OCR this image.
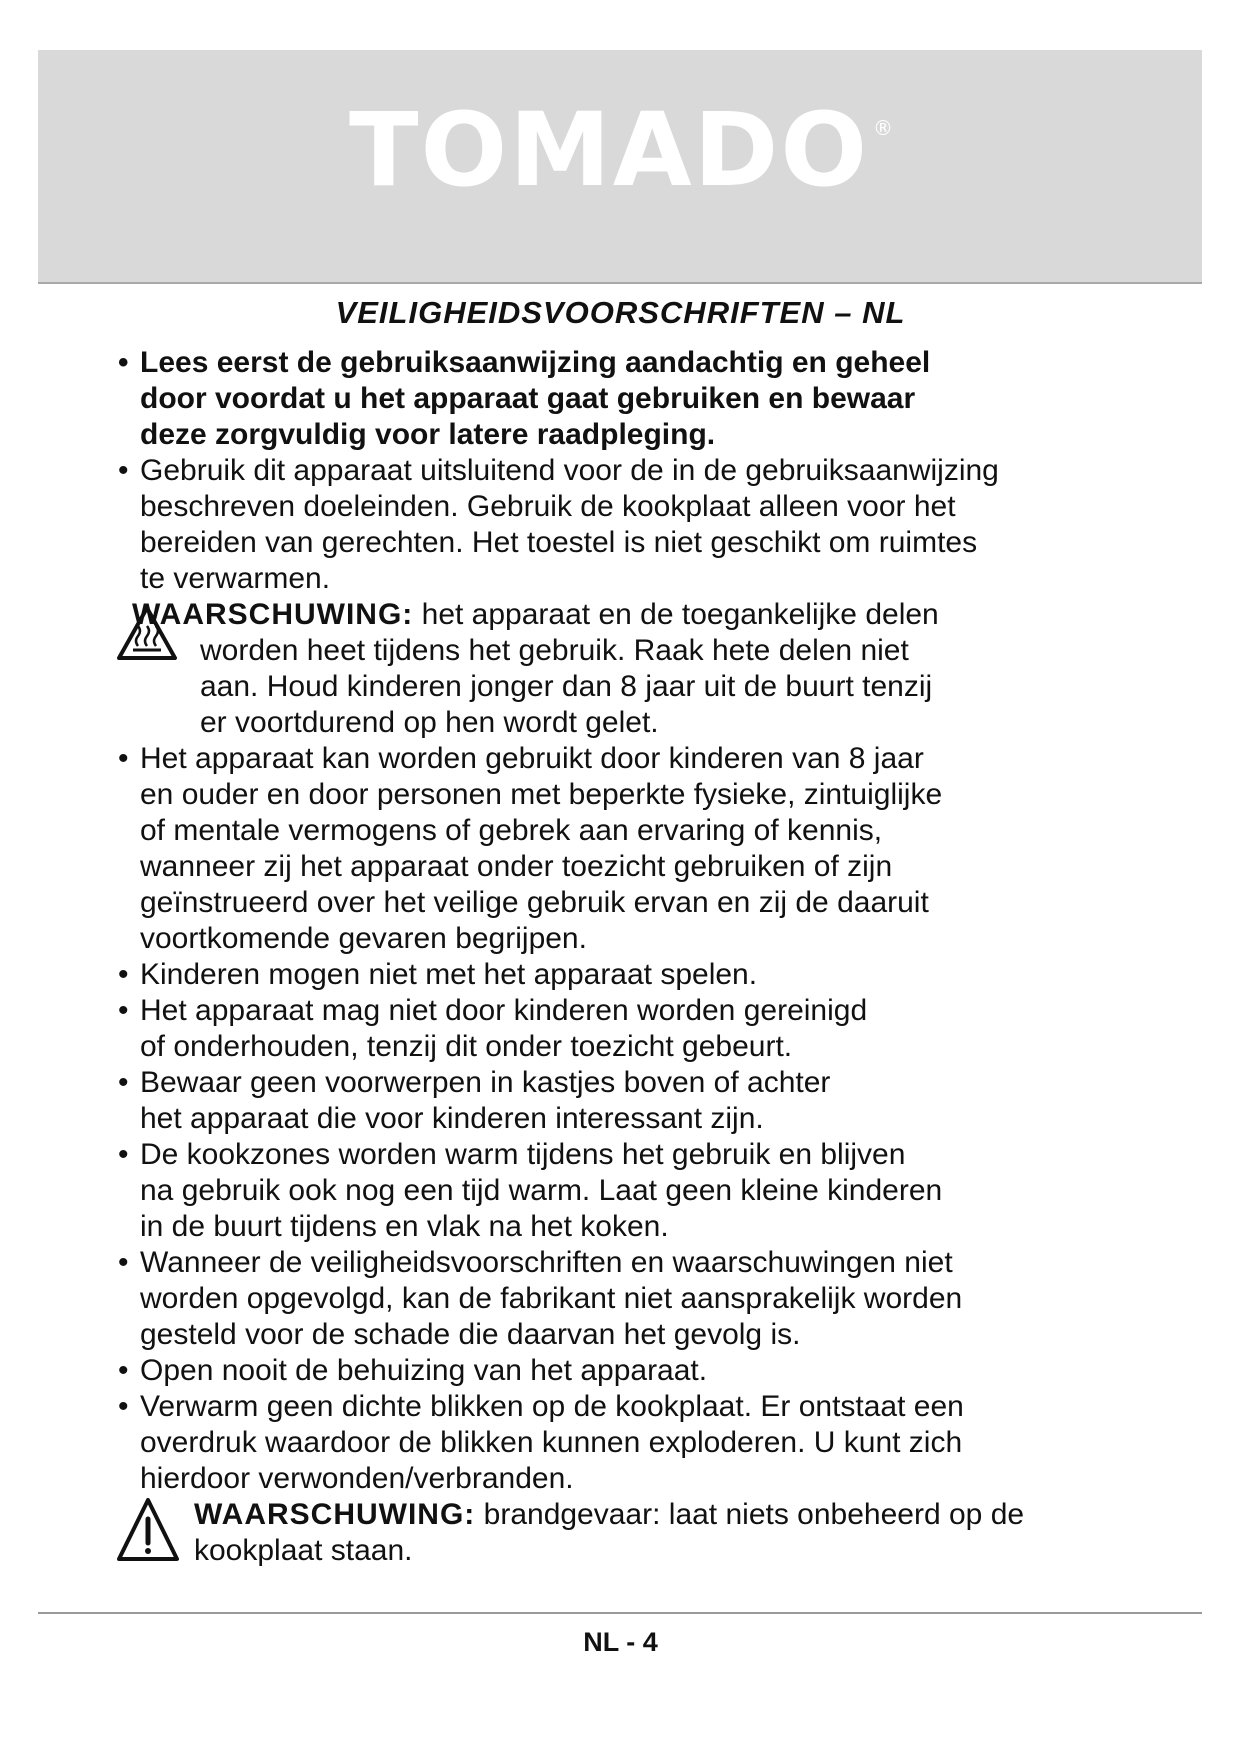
TOMADO ®
VEILIGHEIDSVOORSCHRIFTEN – NL
• Lees eerst de gebruiksaanwijzing aandachtig en geheel
door voordat u het apparaat gaat gebruiken en bewaar
deze zorgvuldig voor latere raadpleging.
• Gebruik dit apparaat uitsluitend voor de in de gebruiksaanwijzing
beschreven doeleinden. Gebruik de kookplaat alleen voor het
bereiden van gerechten. Het toestel is niet geschikt om ruimtes
te verwarmen.
WAARSCHUWING: het apparaat en de toegankelijke delen
worden heet tijdens het gebruik. Raak hete delen niet
aan. Houd kinderen jonger dan 8 jaar uit de buurt tenzij
er voortdurend op hen wordt gelet.
• Het apparaat kan worden gebruikt door kinderen van 8 jaar
en ouder en door personen met beperkte fysieke, zintuiglijke
of mentale vermogens of gebrek aan ervaring of kennis,
wanneer zij het apparaat onder toezicht gebruiken of zijn
geïnstrueerd over het veilige gebruik ervan en zij de daaruit
voortkomende gevaren begrijpen.
• Kinderen mogen niet met het apparaat spelen.
• Het apparaat mag niet door kinderen worden gereinigd
of onderhouden, tenzij dit onder toezicht gebeurt.
• Bewaar geen voorwerpen in kastjes boven of achter
het apparaat die voor kinderen interessant zijn.
• De kookzones worden warm tijdens het gebruik en blijven
na gebruik ook nog een tijd warm. Laat geen kleine kinderen
in de buurt tijdens en vlak na het koken.
• Wanneer de veiligheidsvoorschriften en waarschuwingen niet
worden opgevolgd, kan de fabrikant niet aansprakelijk worden
gesteld voor de schade die daarvan het gevolg is.
• Open nooit de behuizing van het apparaat.
• Verwarm geen dichte blikken op de kookplaat. Er ontstaat een
overdruk waardoor de blikken kunnen exploderen. U kunt zich
hierdoor verwonden/verbranden.
WAARSCHUWING: brandgevaar: laat niets onbeheerd op de
kookplaat staan.
NL - 4
